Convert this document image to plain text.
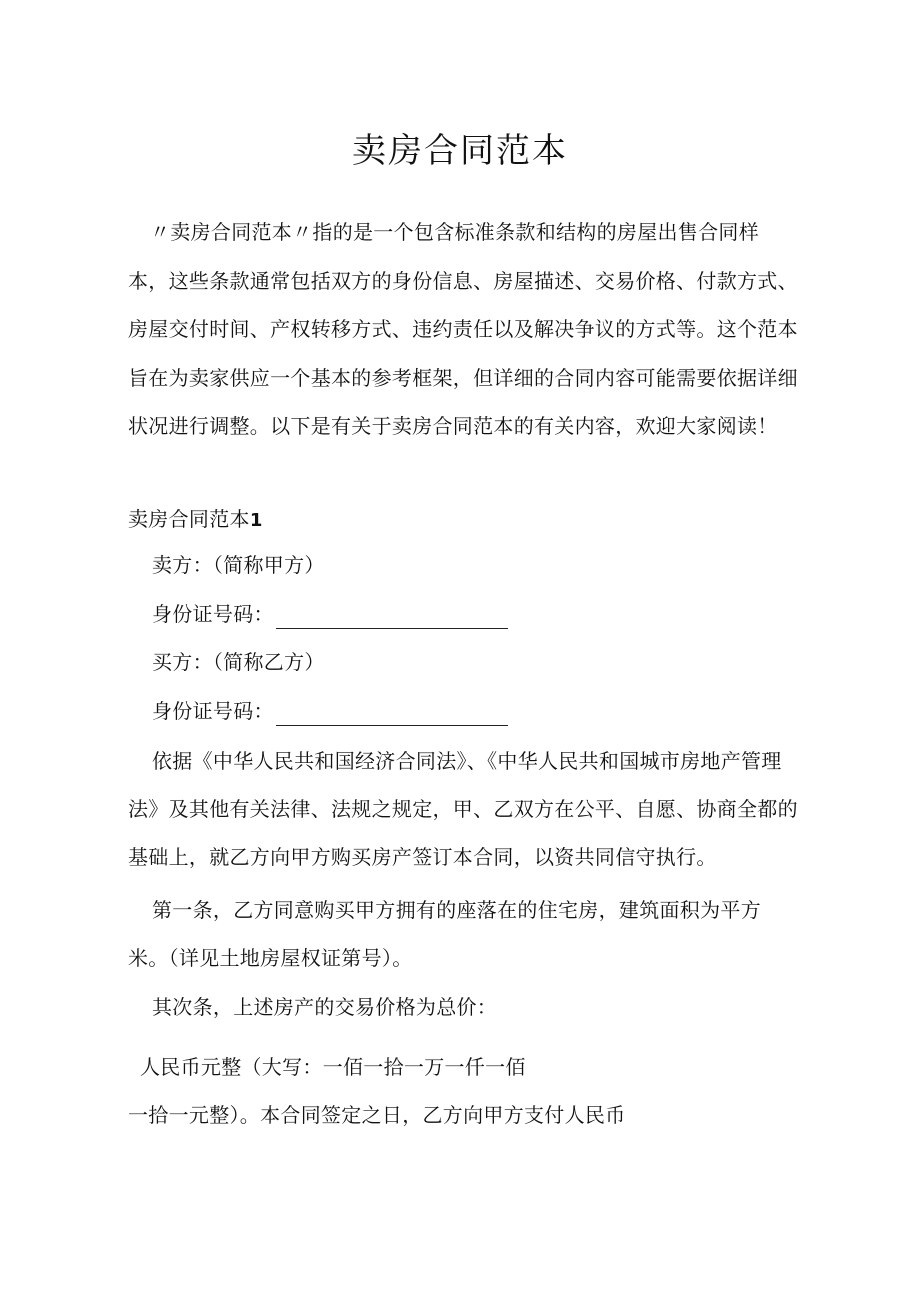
卖房合同范本

〃卖房合同范本〃指的是一个包含标准条款和结构的房屋出售合同样本，这些条款通常包括双方的身份信息、房屋描述、交易价格、付款方式、房屋交付时间、产权转移方式、违约责任以及解决争议的方式等。这个范本旨在为卖家供应一个基本的参考框架，但详细的合同内容可能需要依据详细状况进行调整。以下是有关于卖房合同范本的有关内容，欢迎大家阅读！

卖房合同范本1

卖方：（简称甲方）

身份证号码：

买方：（简称乙方）

身份证号码：

依据《中华人民共和国经济合同法》、《中华人民共和国城市房地产管理法》及其他有关法律、法规之规定，甲、乙双方在公平、自愿、协商全都的基础上，就乙方向甲方购买房产签订本合同，以资共同信守执行。

第一条，乙方同意购买甲方拥有的座落在的住宅房，建筑面积为平方

米。（详见土地房屋权证第号）。

其次条，上述房产的交易价格为总价：

人民币元整（大写：一佰一拾一万一仟一佰

一拾一元整）。本合同签定之日，乙方向甲方支付人民币
